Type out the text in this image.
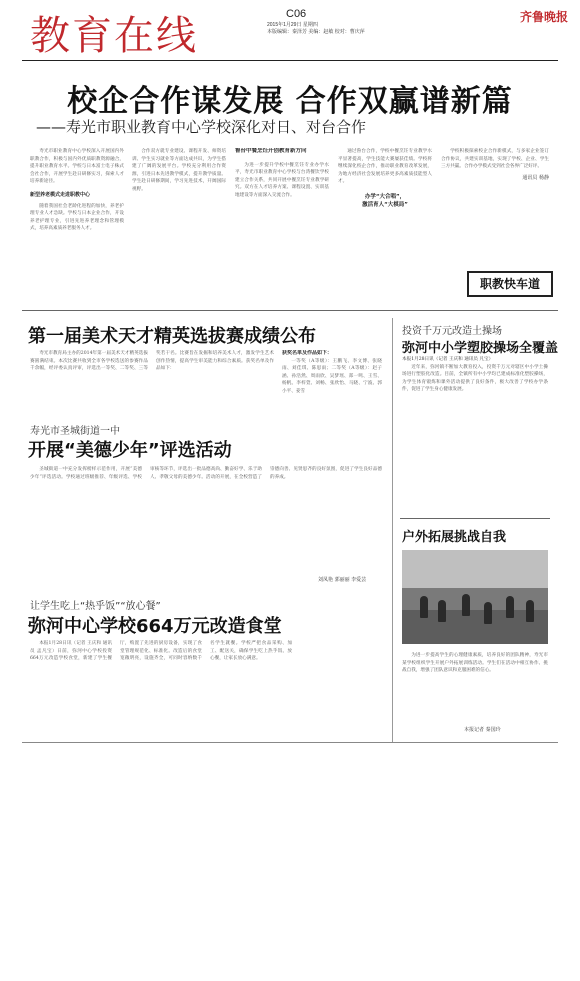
教育在线	C06
2015年1月29日 星期四
本版编辑：秦泽芳 美编：赵敏 校对：曹庆萍
齐鲁晚报
校企合作谋发展 合作双赢谱新篇
——寿光市职业教育中心学校深化对日、对台合作

寿光市职业教育中心学校深入开展国内外职教合作，积极与国内外优质职教资源融合，提升职业教育水平。学校与日本富士电子株式会社合作，开展学生赴日研修实习，探索人才培养新途径。

新型养老模式走进职教中心

随着我国社会老龄化进程的加快，养老护理专业人才急缺。学校与日本企业合作，开设养老护理专业，引进先进养老理念和管理模式，培养高素质养老服务人才。

合作双方就专业建设、课程开发、师资培训、学生实习就业等方面达成共识，为学生搭建了广阔的发展平台。学校充分利用合作资源，引进日本先进教学模式，提升教学质量。学生赴日研修期间，学习先进技术，开阔国际视野。

鲁台中餐烹饪开创教育新方向

为进一步提升学校中餐烹饪专业办学水平，寿光市职业教育中心学校与台湾餐饮学校建立合作关系，共同开展中餐烹饪专业教学研究。双方在人才培养方案、课程设置、实训基地建设等方面深入交流合作。

通过鲁台合作，学校中餐烹饪专业教学水平显著提高，学生技能大赛屡获佳绩。学校将继续深化校企合作，推动职业教育改革发展，为地方经济社会发展培养更多高素质技能型人才。

办学“大合唱”，
激活育人“大棋局”

学校积极探索校企合作新模式，与多家企业签订合作协议，共建实训基地，实现了学校、企业、学生三方共赢。合作办学模式受到社会各界广泛好评。

通讯员 杨静
职教快车道
第一届美术天才精英选拔赛成绩公布

寿光市教育局主办的2014年第一届美术天才精英选拔赛圆满结束。本次比赛共收到全市各学校选送的参赛作品千余幅，经评委认真评审，评选出一等奖、二等奖、三等奖若干名。比赛旨在发掘和培养美术人才，激发学生艺术创作热情，提高学生审美能力和综合素质。获奖名单及作品如下：

获奖名单及作品如下：

一等奖（A等级）：王鹏飞、李文博、张晓雨、刘佳琪、陈思雨；二等奖（A等级）：赵子涵、孙浩然、周雨欣、吴梦瑶、郑一鸣、王雪、杨帆、李梓萱、刘畅、张欣怡、马晓、宁波、郭小平、姜雪

寿光市圣城街道一中
开展“美德少年”评选活动

圣城街道一中充分发挥榜样示范作用，开展“美德少年”评选活动。学校通过班级推荐、年级评选、学校审核等环节，评选出一批品德高尚、勤奋好学、乐于助人、孝敬父母的美德少年。活动的开展，在全校营造了崇德向善、见贤思齐的良好氛围，促进了学生良好品德的养成。

刘凤艳 郭丽丽 李爱芸
让学生吃上“热乎饭”“放心餐”
弥河中心学校664万元改造食堂

本报1月28日讯（记者 王庆和 通讯员 孟凡宝）日前，弥河中心学校投资664万元改造学校食堂，新建了学生餐厅，购置了先进的厨房设备，实现了食堂管理规范化、标准化。改造后的食堂宽敞明亮，设施齐全，可同时容纳数千名学生就餐。学校严把食品采购、加工、配送关，确保学生吃上热乎饭、放心餐，让家长放心满意。

投资千万元改造土操场
弥河中小学塑胶操场全覆盖
本报1月28日讯（记者 王庆和 通讯员 凡宝）

近年来，弥河镇不断加大教育投入，投资千万元对辖区中小学土操场进行塑胶化改造。目前，全镇所有中小学均已建成标准化塑胶操场，为学生体育锻炼和课外活动提供了良好条件，极大改善了学校办学条件，促进了学生身心健康发展。

户外拓展挑战自我

为进一步提高学生的心理健康素质，培养良好的团队精神，寿光市某学校组织学生开展户外拓展训练活动。学生们在活动中相互协作、挑战自我，增强了团队意识和克服困难的信心。

本报记者 秦国玲
